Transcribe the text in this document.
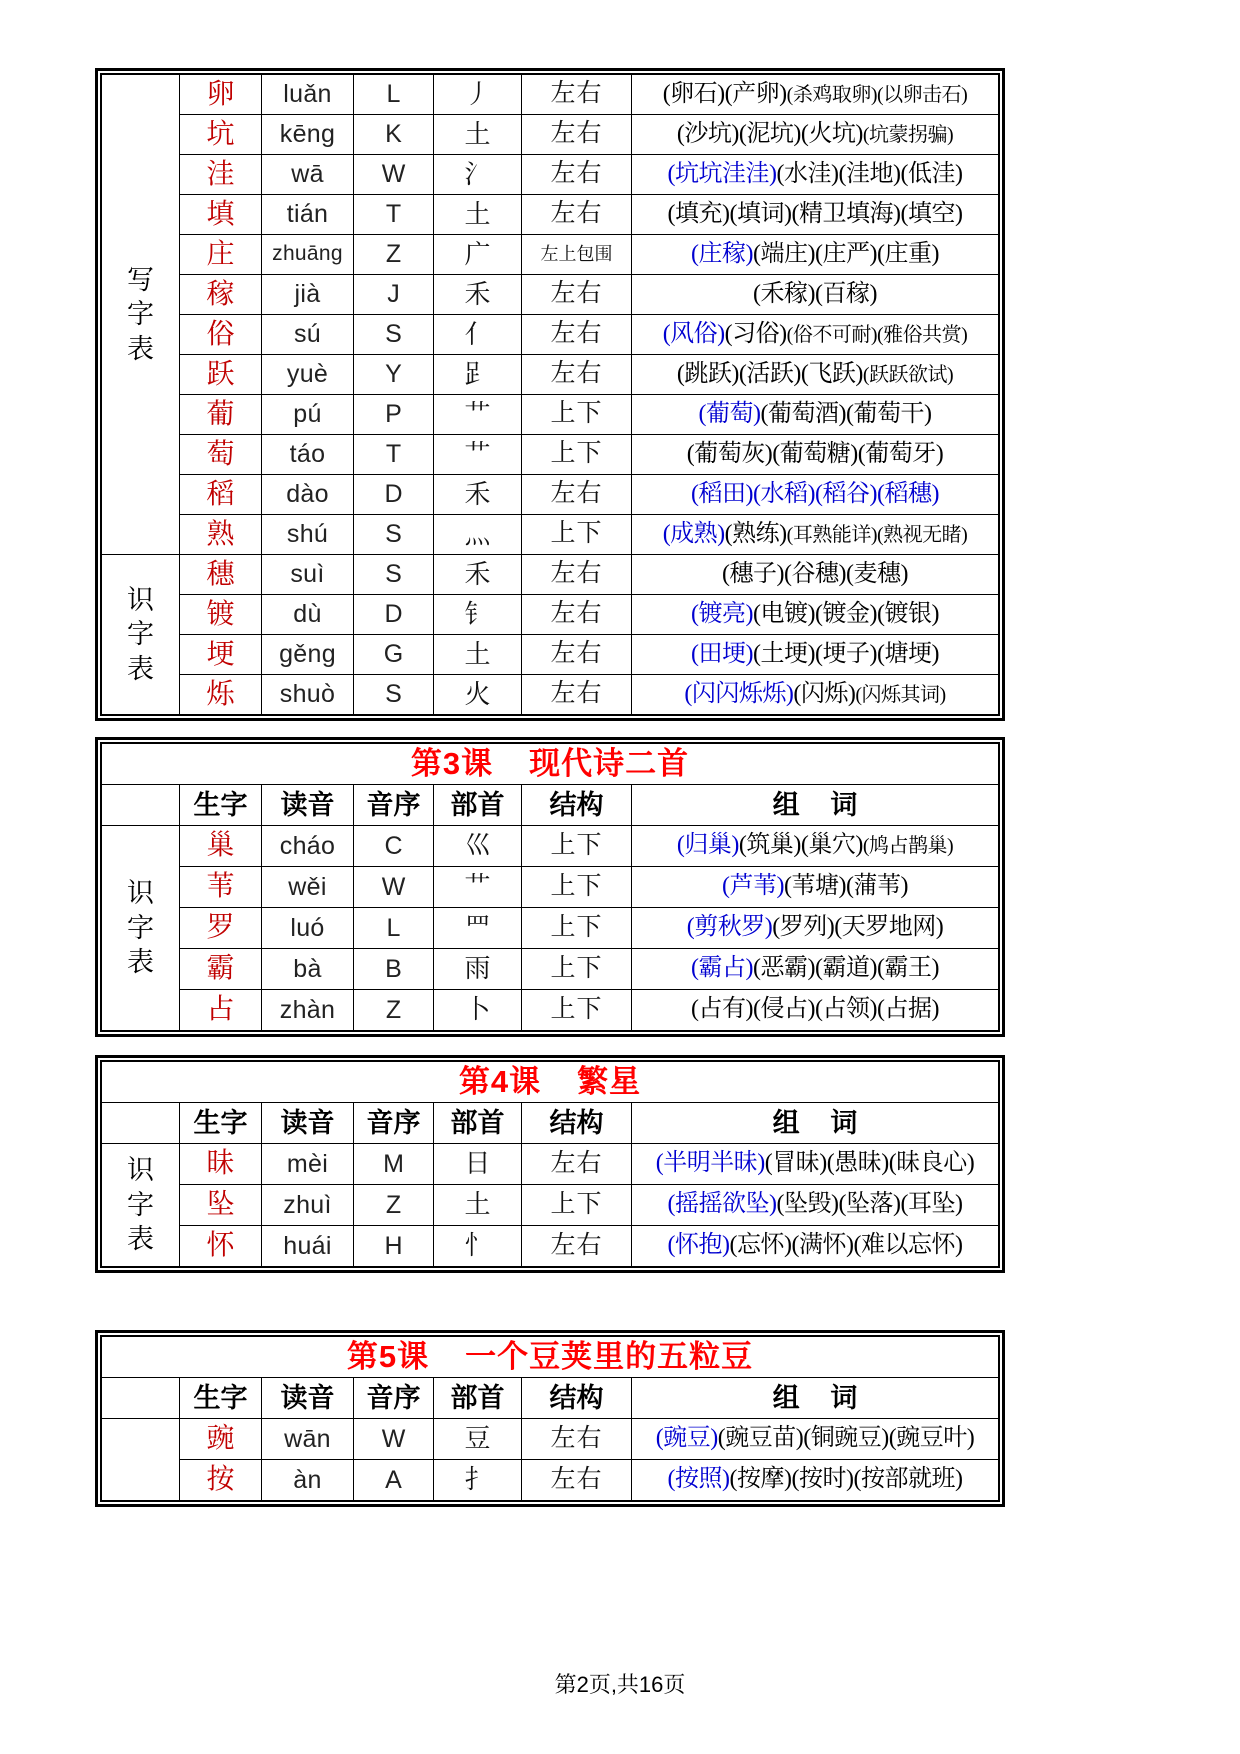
写
字
表	卵	luǎn	L	丿	左右	(卵石)(产卵)(杀鸡取卵)(以卵击石)

	坑	kēng	K	土	左右	(沙坑)(泥坑)(火坑)(坑蒙拐骗)

	洼	wā	W	氵	左右	(坑坑洼洼)(水洼)(洼地)(低洼)

	填	tián	T	土	左右	(填充)(填词)(精卫填海)(填空)

	庄	zhuāng	Z	广	左上包围	(庄稼)(端庄)(庄严)(庄重)

	稼	jià	J	禾	左右	(禾稼)(百稼)

	俗	sú	S	亻	左右	(风俗)(习俗)(俗不可耐)(雅俗共赏)

	跃	yuè	Y	𧾷	左右	(跳跃)(活跃)(飞跃)(跃跃欲试)

	葡	pú	P	艹	上下	(葡萄)(葡萄酒)(葡萄干)

	萄	táo	T	艹	上下	(葡萄灰)(葡萄糖)(葡萄牙)

	稻	dào	D	禾	左右	(稻田)(水稻)(稻谷)(稻穗)

	熟	shú	S	灬	上下	(成熟)(熟练)(耳熟能详)(熟视无睹)

识
字
表	穗	suì	S	禾	左右	(穗子)(谷穗)(麦穗)

	镀	dù	D	钅	左右	(镀亮)(电镀)(镀金)(镀银)

	埂	gěng	G	土	左右	(田埂)(土埂)(埂子)(塘埂)

	烁	shuò	S	火	左右	(闪闪烁烁)(闪烁)(闪烁其词)
第3课 现代诗二首						
	生字	读音	音序	部首	结构	组 词

识
字
表	巢	cháo	C	巛	上下	(归巢)(筑巢)(巢穴)(鸠占鹊巢)

	苇	wěi	W	艹	上下	(芦苇)(苇塘)(蒲苇)

	罗	luó	L	罒	上下	(剪秋罗)(罗列)(天罗地网)

	霸	bà	B	雨	上下	(霸占)(恶霸)(霸道)(霸王)

	占	zhàn	Z	卜	上下	(占有)(侵占)(占领)(占据)
第4课 繁星						
	生字	读音	音序	部首	结构	组 词

识
字
表	昧	mèi	M	日	左右	(半明半昧)(冒昧)(愚昧)(昧良心)

	坠	zhuì	Z	土	上下	(摇摇欲坠)(坠毁)(坠落)(耳坠)

	怀	huái	H	忄	左右	(怀抱)(忘怀)(满怀)(难以忘怀)
第5课 一个豆荚里的五粒豆						
	生字	读音	音序	部首	结构	组 词

	豌	wān	W	豆	左右	(豌豆)(豌豆苗)(铜豌豆)(豌豆叶)

	按	àn	A	扌	左右	(按照)(按摩)(按时)(按部就班)
第2页,共16页
